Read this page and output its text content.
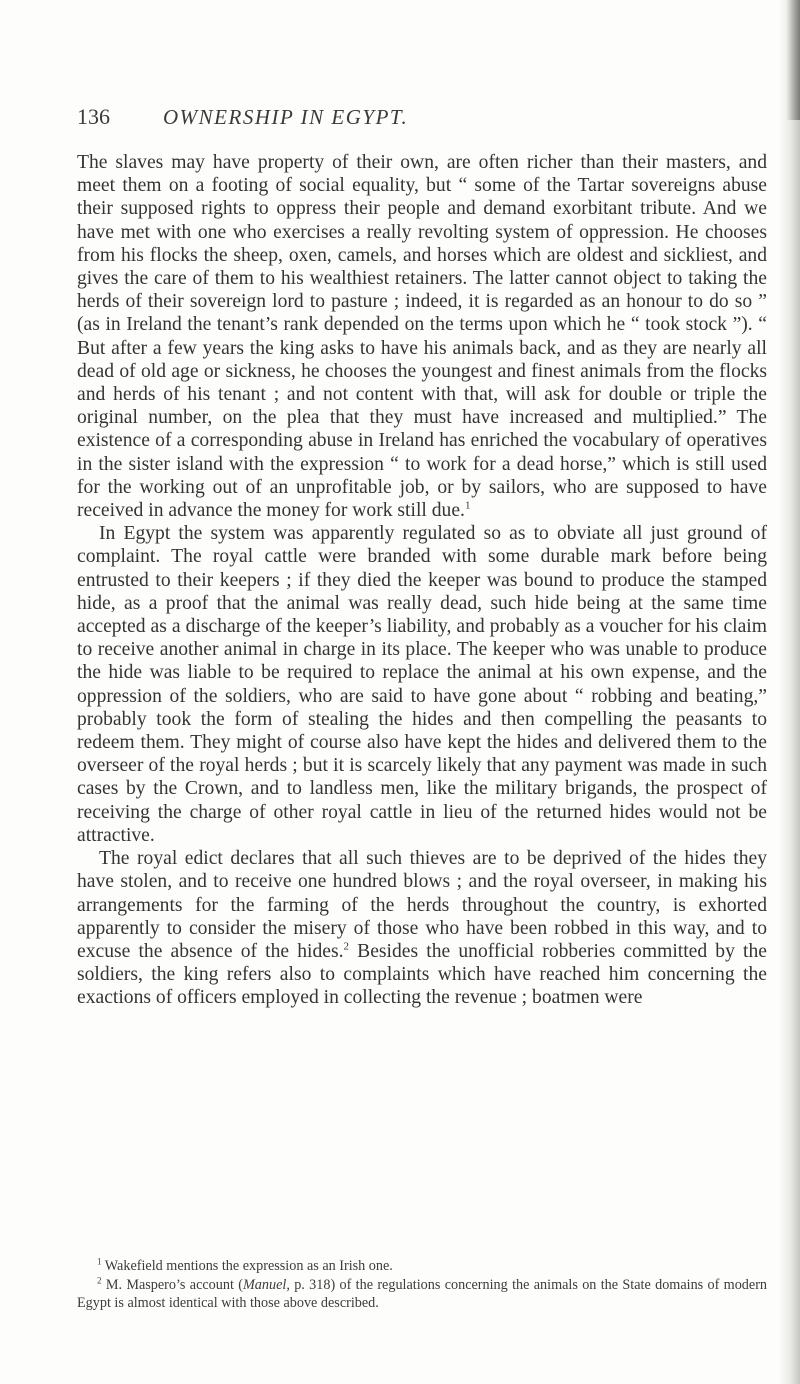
136	OWNERSHIP IN EGYPT.

The slaves may have property of their own, are often richer than their masters, and meet them on a footing of social equality, but “ some of the Tartar sovereigns abuse their supposed rights to oppress their people and demand exorbitant tribute. And we have met with one who exercises a really revolting system of oppression. He chooses from his flocks the sheep, oxen, camels, and horses which are oldest and sickliest, and gives the care of them to his wealthiest retainers. The latter cannot object to taking the herds of their sovereign lord to pasture ; indeed, it is regarded as an honour to do so ” (as in Ireland the tenant’s rank depended on the terms upon which he “ took stock ”). “ But after a few years the king asks to have his animals back, and as they are nearly all dead of old age or sickness, he chooses the youngest and finest animals from the flocks and herds of his tenant ; and not content with that, will ask for double or triple the original number, on the plea that they must have increased and multiplied.” The existence of a corresponding abuse in Ireland has enriched the vocabulary of operatives in the sister island with the expression “ to work for a dead horse,” which is still used for the working out of an unprofitable job, or by sailors, who are supposed to have received in advance the money for work still due.$^1$

In Egypt the system was apparently regulated so as to obviate all just ground of complaint. The royal cattle were branded with some durable mark before being entrusted to their keepers ; if they died the keeper was bound to produce the stamped hide, as a proof that the animal was really dead, such hide being at the same time accepted as a discharge of the keeper’s liability, and probably as a voucher for his claim to receive another animal in charge in its place. The keeper who was unable to produce the hide was liable to be required to replace the animal at his own expense, and the oppression of the soldiers, who are said to have gone about “ robbing and beating,” probably took the form of stealing the hides and then compelling the peasants to redeem them. They might of course also have kept the hides and delivered them to the overseer of the royal herds ; but it is scarcely likely that any payment was made in such cases by the Crown, and to landless men, like the military brigands, the prospect of receiving the charge of other royal cattle in lieu of the returned hides would not be attractive.

The royal edict declares that all such thieves are to be deprived of the hides they have stolen, and to receive one hundred blows ; and the royal overseer, in making his arrangements for the farming of the herds throughout the country, is exhorted apparently to consider the misery of those who have been robbed in this way, and to excuse the absence of the hides.$^2$ Besides the unofficial robberies committed by the soldiers, the king refers also to complaints which have reached him concerning the exactions of officers employed in collecting the revenue ; boatmen were

$^1$ Wakefield mentions the expression as an Irish one.

$^2$ M. Maspero’s account (Manuel, p. 318) of the regulations concerning the animals on the State domains of modern Egypt is almost identical with those above described.
